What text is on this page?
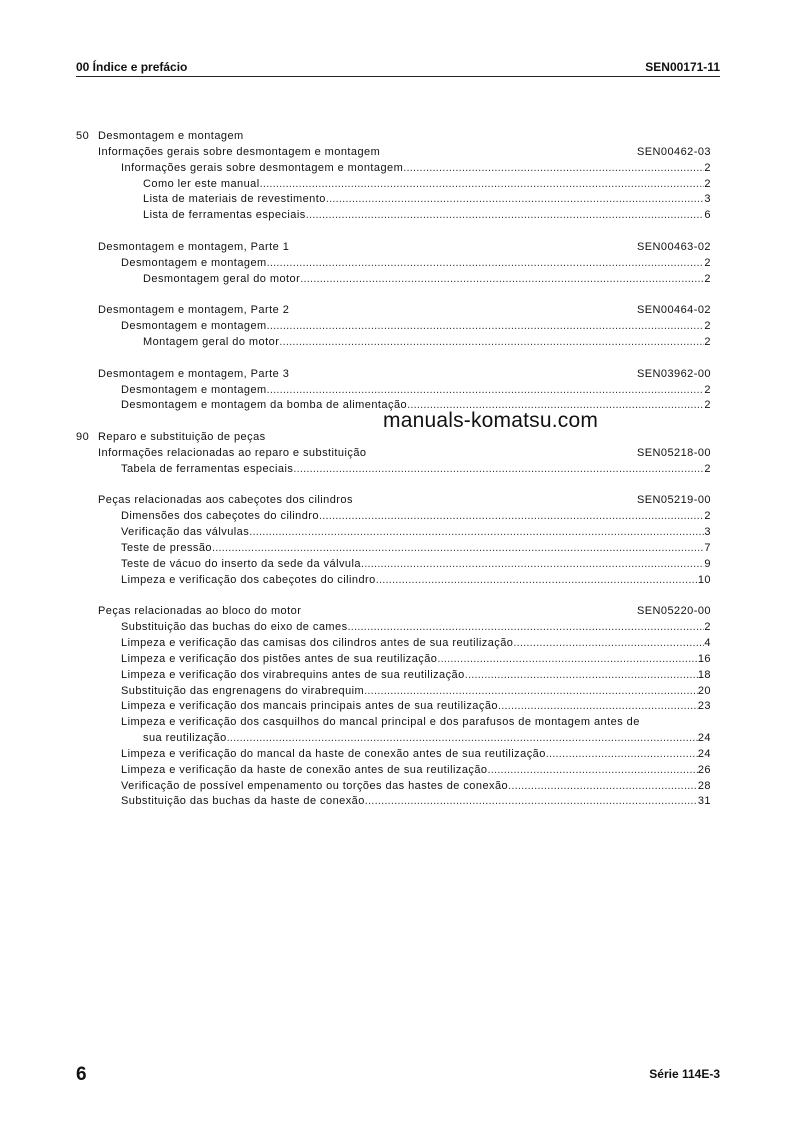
00 Índice e prefácio	SEN00171-11
50 Desmontagem e montagem
Informações gerais sobre desmontagem e montagem	SEN00462-03
Informações gerais sobre desmontagem e montagem .....	2
Como ler este manual .....	2
Lista de materiais de revestimento .....	3
Lista de ferramentas especiais .....	6
Desmontagem e montagem, Parte 1	SEN00463-02
Desmontagem e montagem .....	2
Desmontagem geral do motor .....	2
Desmontagem e montagem, Parte 2	SEN00464-02
Desmontagem e montagem .....	2
Montagem geral do motor .....	2
Desmontagem e montagem, Parte 3	SEN03962-00
Desmontagem e montagem .....	2
Desmontagem e montagem da bomba de alimentação .....	2
90 Reparo e substituição de peças
Informações relacionadas ao reparo e substituição	SEN05218-00
Tabela de ferramentas especiais .....	2
Peças relacionadas aos cabeçotes dos cilindros	SEN05219-00
Dimensões dos cabeçotes do cilindro .....	2
Verificação das válvulas .....	3
Teste de pressão .....	7
Teste de vácuo do inserto da sede da válvula .....	9
Limpeza e verificação dos cabeçotes do cilindro .....	10
Peças relacionadas ao bloco do motor	SEN05220-00
Substituição das buchas do eixo de cames .....	2
Limpeza e verificação das camisas dos cilindros antes de sua reutilização .....	4
Limpeza e verificação dos pistões antes de sua reutilização .....	16
Limpeza e verificação dos virabrequins antes de sua reutilização .....	18
Substituição das engrenagens do virabrequim .....	20
Limpeza e verificação dos mancais principais antes de sua reutilização .....	23
Limpeza e verificação dos casquilhos do mancal principal e dos parafusos de montagem antes de
sua reutilização .....	24
Limpeza e verificação do mancal da haste de conexão antes de sua reutilização .....	24
Limpeza e verificação da haste de conexão antes de sua reutilização .....	26
Verificação de possível empenamento ou torções das hastes de conexão .....	28
Substituição das buchas da haste de conexão .....	31
manuals-komatsu.com
6	Série 114E-3
